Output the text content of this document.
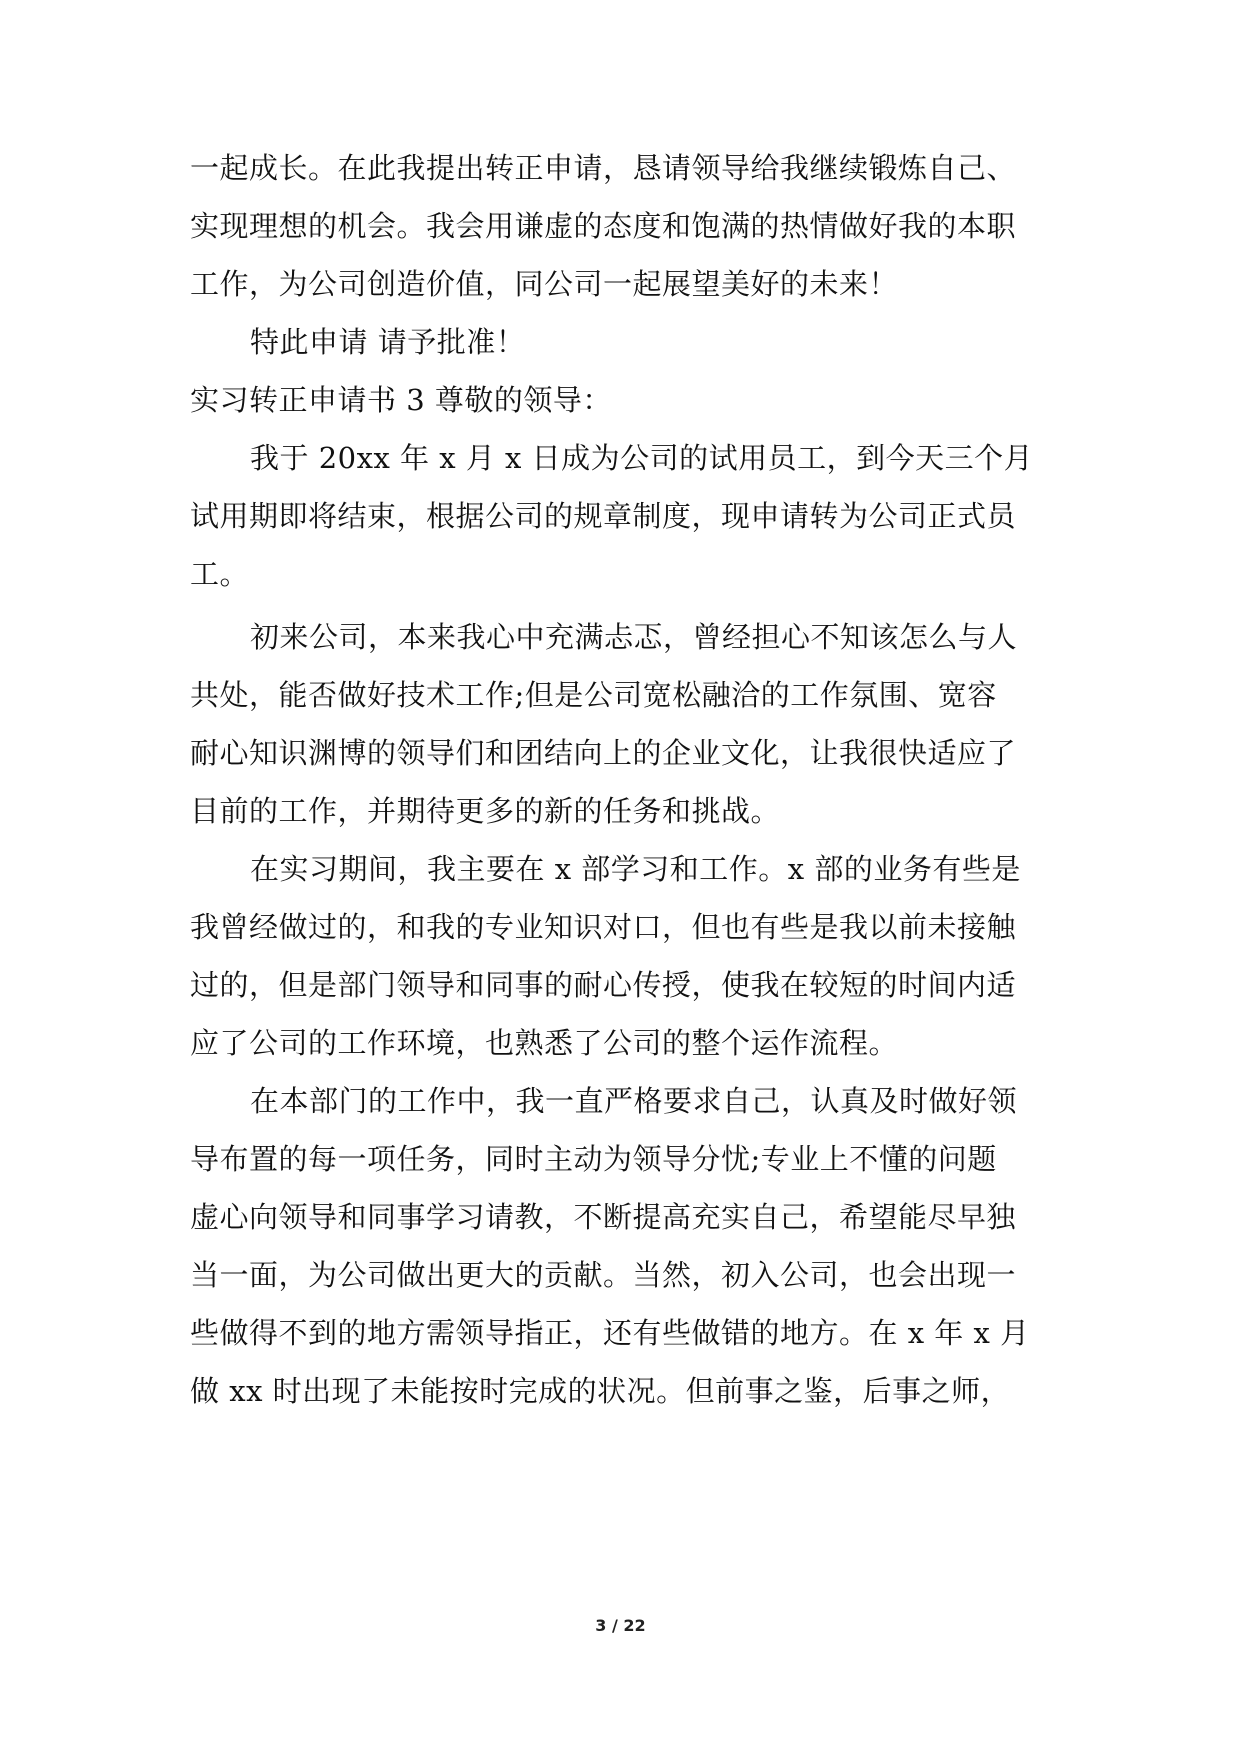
一起成长。在此我提出转正申请，恳请领导给我继续锻炼自己、
实现理想的机会。我会用谦虚的态度和饱满的热情做好我的本职
工作，为公司创造价值，同公司一起展望美好的未来！
特此申请 请予批准！
实习转正申请书 3 尊敬的领导：
我于 20xx 年 x 月 x 日成为公司的试用员工，到今天三个月
试用期即将结束，根据公司的规章制度，现申请转为公司正式员
工。
初来公司，本来我心中充满忐忑，曾经担心不知该怎么与人
共处，能否做好技术工作;但是公司宽松融洽的工作氛围、宽容
耐心知识渊博的领导们和团结向上的企业文化，让我很快适应了
目前的工作，并期待更多的新的任务和挑战。
在实习期间，我主要在 x 部学习和工作。x 部的业务有些是
我曾经做过的，和我的专业知识对口，但也有些是我以前未接触
过的，但是部门领导和同事的耐心传授，使我在较短的时间内适
应了公司的工作环境，也熟悉了公司的整个运作流程。
在本部门的工作中，我一直严格要求自己，认真及时做好领
导布置的每一项任务，同时主动为领导分忧;专业上不懂的问题
虚心向领导和同事学习请教，不断提高充实自己，希望能尽早独
当一面，为公司做出更大的贡献。当然，初入公司，也会出现一
些做得不到的地方需领导指正，还有些做错的地方。在 x 年 x 月
做 xx 时出现了未能按时完成的状况。但前事之鉴，后事之师，
3 / 22
